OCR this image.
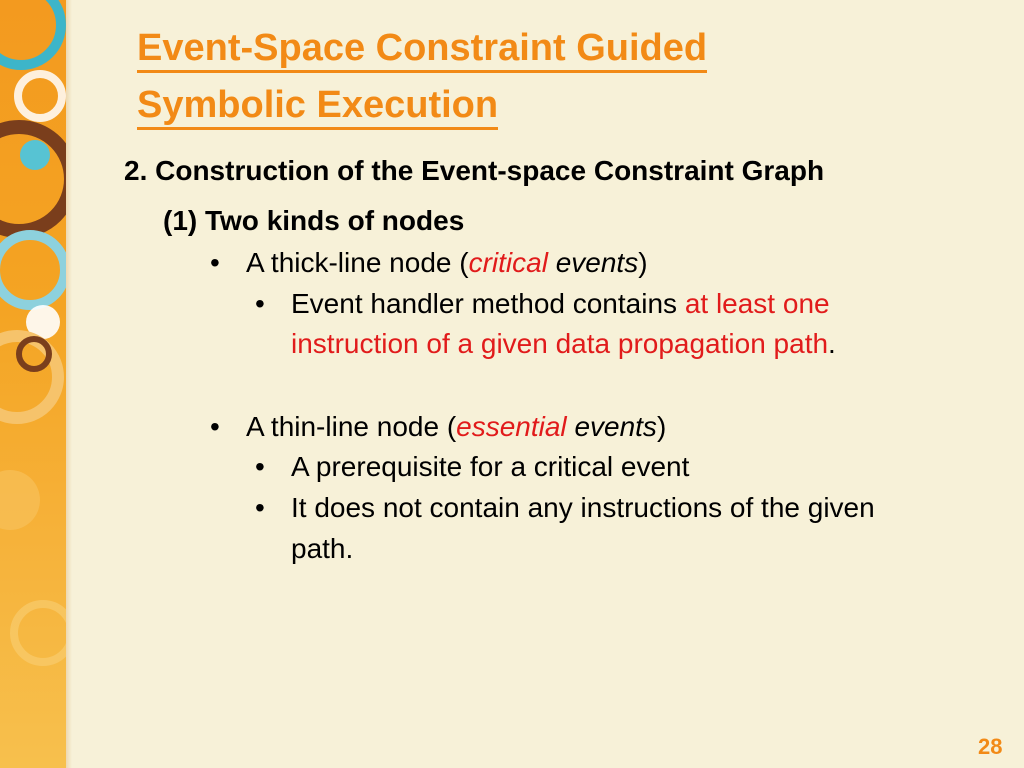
Event-Space Constraint Guided
Symbolic Execution
2. Construction of the Event-space Constraint Graph
(1) Two kinds of nodes
• A thick-line node (critical events)
• Event handler method contains at least one
instruction of a given data propagation path.
• A thin-line node (essential events)
• A prerequisite for a critical event
• It does not contain any instructions of the given
path.
28
